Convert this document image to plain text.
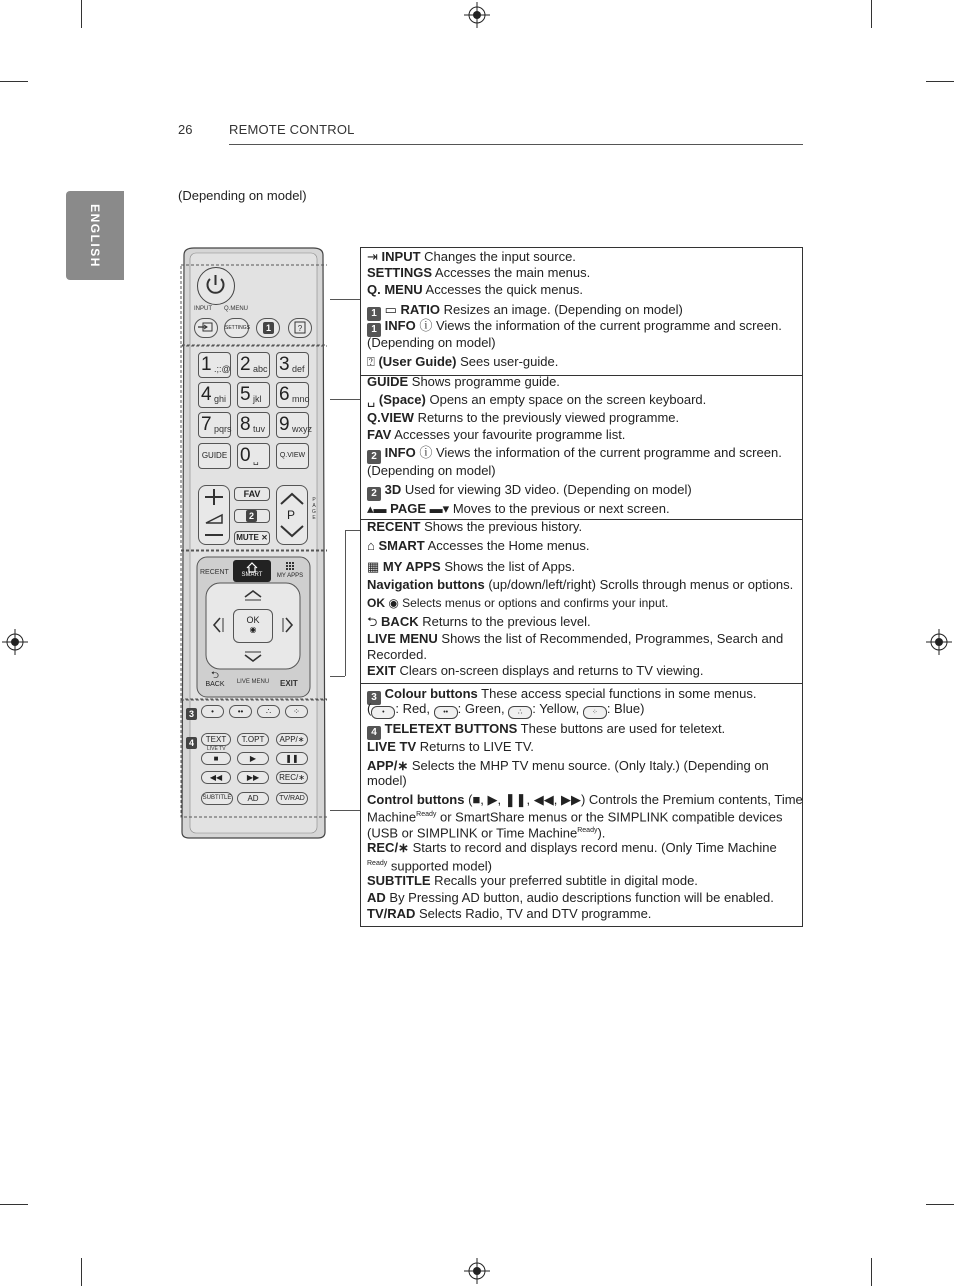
26	REMOTE CONTROL
ENGLISH
(Depending on model)
INPUT Q.MENU
SETTINGS	1	?
GUIDE 0 ␣	Q.VIEW
FAV
2
MUTE ⨯
P
PAGE
RECENT	SMART	MY APPS
OK
◉
⮌
BACK	LIVE MENU	EXIT
3	•	••	∴	⁘
4	TEXT	T.OPT	APP/∗
LIVE TV
■	▶	❚❚
◀◀	▶▶	REC/∗
SUBTITLE	AD	TV/RAD
1 .;:@ 2 abc 3 def
4 ghi 5 jkl 6 mno
7 pqrs 8 tuv 9 wxyz
⇥ INPUT Changes the input source.
SETTINGS Accesses the main menus.
Q. MENU Accesses the quick menus.
1 ▭ RATIO Resizes an image. (Depending on model)
1 INFO ⓘ Views the information of the current programme and screen.
(Depending on model)
⍰ (User Guide) Sees user-guide.
GUIDE Shows programme guide.
␣ (Space) Opens an empty space on the screen keyboard.
Q.VIEW Returns to the previously viewed programme.
FAV Accesses your favourite programme list.
2 INFO ⓘ Views the information of the current programme and screen.
(Depending on model)
2 3D Used for viewing 3D video. (Depending on model)
▴▬ PAGE ▬▾ Moves to the previous or next screen.
RECENT Shows the previous history.
⌂ SMART Accesses the Home menus.
▦ MY APPS Shows the list of Apps.
Navigation buttons (up/down/left/right) Scrolls through menus or options.
OK ◉ Selects menus or options and confirms your input.
⮌ BACK Returns to the previous level.
LIVE MENU Shows the list of Recommended, Programmes, Search and
Recorded.
EXIT Clears on-screen displays and returns to TV viewing.
3 Colour buttons These access special functions in some menus.
( • : Red, •• : Green, ∴ : Yellow, ⁘ : Blue)
4 TELETEXT BUTTONS These buttons are used for teletext.
LIVE TV Returns to LIVE TV.
APP/∗ Selects the MHP TV menu source. (Only Italy.) (Depending on
model)
Control buttons (■, ▶, ❚❚, ◀◀, ▶▶) Controls the Premium contents, Time
Machine$^{Ready}$ or SmartShare menus or the SIMPLINK compatible devices
(USB or SIMPLINK or Time Machine$^{Ready}$).
REC/∗ Starts to record and displays record menu. (Only Time Machine
$^{Ready}$ supported model)
SUBTITLE Recalls your preferred subtitle in digital mode.
AD By Pressing AD button, audio descriptions function will be enabled.
TV/RAD Selects Radio, TV and DTV programme.
